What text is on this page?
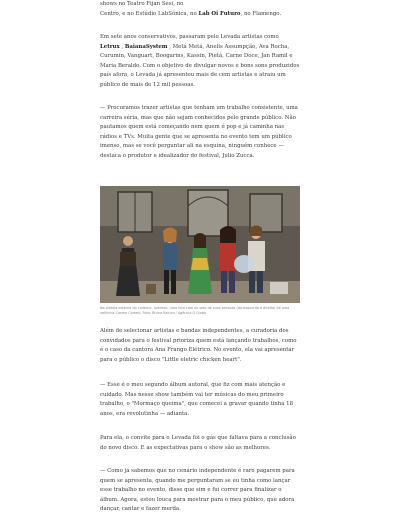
shows no Teatro Fijan Sesi, no
Centro, e no Estúdio LabSônica, no Lab Oi Futuro, no Flamengo.

Em sete anos conservativos, passaram pelo Levada artistas como Letrux , BaianaSystem , Metá Metá, Anelis Assumpção, Ava Rocha, Curumin, Vanguart, Boogarins, Kassin, Pietá, Carne Doce, Jan Ramil e Maria Beraldo. Com o objetivo de divulgar novos e bons sons produzidos país afora, o Levada já apresentou mais de cem artistas e atraiu um público de mais de 12 mil pessoas.

— Procuramos trazer artistas que tenham um trabalho consistente, uma carreira séria, mas que não sejam conhecidos pelo grande público. Não pautamos quem está começando nem quem é pop e já caminha nas rádios e TVs. Muita gente que se apresenta no evento tem um público imenso, mas se você perguntar ali na esquina, ninguém conhece — destaca o produtor e idealizador do festival, Julio Zucca.

Na plateia externa do caderno, Azeredo, uma foto com os sete de suas pessoas (da esquerda à direita) de uma velhinha Cosme Correio. Foto: Bruno Kaiuca / Agência O Globo

Além de selecionar artistas e bandas independentes, a curadoria dos convidados para o festival prioriza quem está lançando trabalhos, como é o caso da cantora Ana Frango Elétrico. No evento, ela vai apresentar para o público o disco "Little eletric chicken heart".

— Esse é o meu segundo álbum autoral, que fiz com mais atenção e cuidado. Mas nesse show também vai ter músicas do meu primeiro trabalho, o "Mormaço queima", que comecei a gravar quando tinha 18 anos, era revolutinha — adianta.

Para ela, o convite para o Levada foi o gás que faltava para a conclusão do novo disco. E as expectativas para o show são as melhores.

— Como já sabemos que no cenário independente é raro pagarem para quem se apresenta, quando me perguntaram se eu tinha como lançar esse trabalho no evento, disse que sim e fui correr para finalizar o álbum. Agora, estou louca para mostrar para o meu público, que adora dançar, cantar e fazer merda.
